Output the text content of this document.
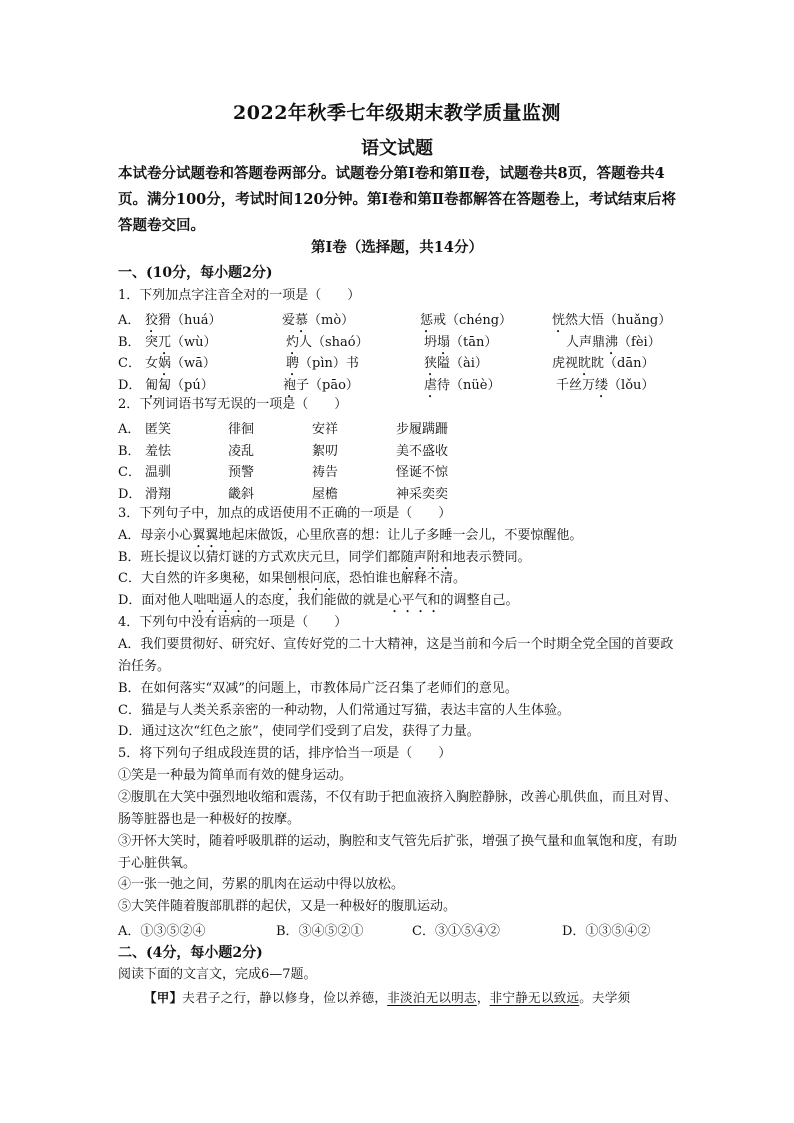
2022年秋季七年级期末教学质量监测
语文试题
本试卷分试题卷和答题卷两部分。试题卷分第Ⅰ卷和第Ⅱ卷，试题卷共8页，答题卷共4页。满分100分，考试时间120分钟。第Ⅰ卷和第Ⅱ卷都解答在答题卷上，考试结束后将答题卷交回。
第Ⅰ卷（选择题，共14分）
一、(10分，每小题2分)
1．下列加点字注音全对的一项是（　　）
A． 狡猾（huá）	爱慕（mò）	惩戒（chéng）	恍然大悟（huǎng）
B． 突兀（wù）	灼人（shaó）	坍塌（tān）	人声鼎沸（fèi）
C． 女娲（wā）	聘（pìn）书	狭隘（ài）	虎视眈眈（dān）
D． 匍匐（pú）	袍子（pāo）	虐待（nüè）	千丝万缕（lǒu）
2．下列词语书写无误的一项是（　　）
A． 匿笑	徘徊	安祥	步履蹒跚
B． 羞怯	凌乱	絮叨	美不盛收
C． 温驯	预警	祷告	怪诞不惊
D． 滑翔	畿斜	屋檐	神采奕奕
3．下列句子中，加点的成语使用不正确的一项是（　　）
A．母亲小心翼翼地起床做饭，心里欣喜的想：让儿子多睡一会儿，不要惊醒他。
B．班长提议以猜灯谜的方式欢庆元旦，同学们都随声附和地表示赞同。
C．大自然的许多奥秘，如果刨根问底，恐怕谁也解释不清。
D．面对他人咄咄逼人的态度，我们能做的就是心平气和的调整自己。
4．下列句中没有语病的一项是（　　）
A．我们要贯彻好、研究好、宣传好党的二十大精神，这是当前和今后一个时期全党全国的首要政治任务。
B．在如何落实“双减”的问题上，市教体局广泛召集了老师们的意见。
C．猫是与人类关系亲密的一种动物，人们常通过写猫，表达丰富的人生体验。
D．通过这次“红色之旅”，使同学们受到了启发，获得了力量。
5．将下列句子组成段连贯的话，排序恰当一项是（　　）
①笑是一种最为简单而有效的健身运动。
②腹肌在大笑中强烈地收缩和震荡，不仅有助于把血液挤入胸腔静脉，改善心肌供血，而且对胃、肠等脏器也是一种极好的按摩。
③开怀大笑时，随着呼吸肌群的运动，胸腔和支气管先后扩张，增强了换气量和血氧饱和度，有助于心脏供氧。
④一张一弛之间，劳累的肌肉在运动中得以放松。
⑤大笑伴随着腹部肌群的起伏，又是一种极好的腹肌运动。
A．①③⑤②④	B．③④⑤②①	C．③①⑤④②	D．①③⑤④②
二、(4分，每小题2分)
阅读下面的文言文，完成6—7题。
【甲】夫君子之行，静以修身，俭以养德，非淡泊无以明志，非宁静无以致远。夫学须
